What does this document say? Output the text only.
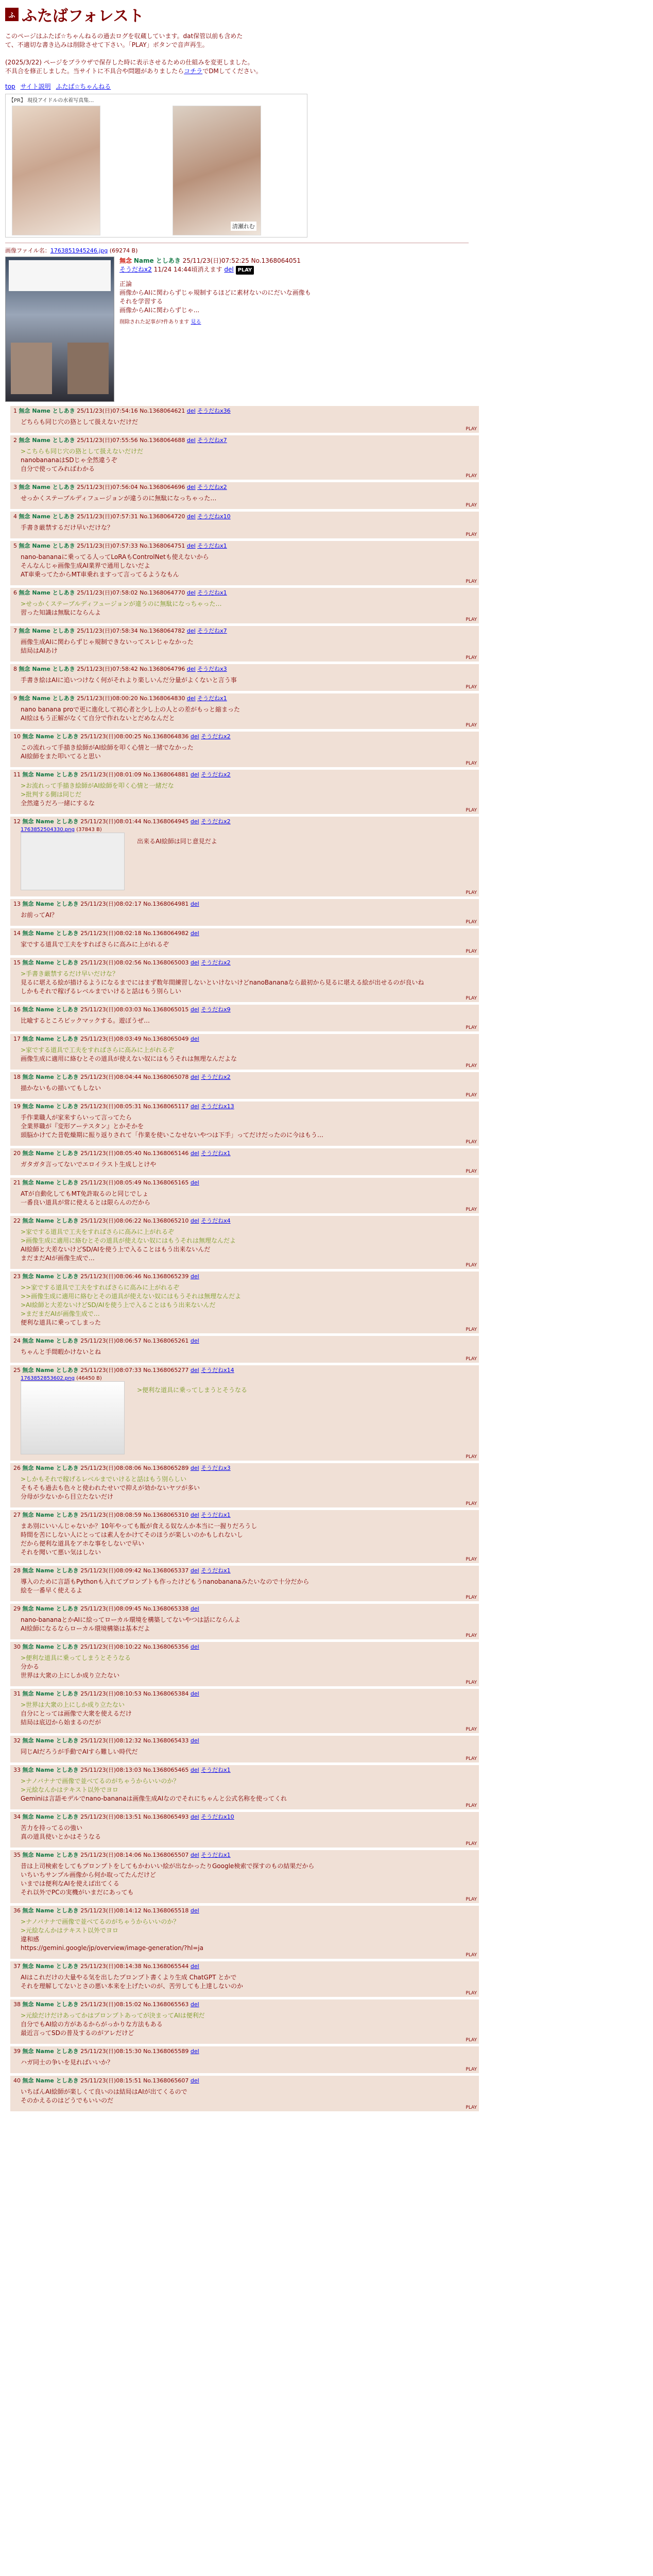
ふ ふたばフォレスト

このページはふたば☆ちゃんねるの過去ログを収蔵しています。dat保管以前も含めた
て、不適切な書き込みは削除させて下さい。「PLAY」ボタンで音声再生。

(2025/3/22) ページをブラウザで保存した時に表示させるための仕組みを変更しました。
不具合を修正しました。当サイトに不具合や問題がありましたらコチラでDMしてください。

top サイト説明 ふたば☆ちゃんねる
【PR】 現役アイドルの水着写真集…
清瀬れむ
画像ファイル名：1763851945246.jpg (69274 B)
無念 Name としあき 25/11/23(日)07:52:25 No.1368064051
そうだねx2 11/24 14:44頃消えます del PLAY
正論
画像からAIに関わらずじゃ規制するほどに素材ないのにだいな画像も
それを学習する
画像からAIに関わらずじゃ...
削除された記事が?件あります 見る
1 無念 Name としあき 25/11/23(日)07:54:16 No.1368064621 del そうだねx36
どちらも同じ穴の狢として扱えないだけだ
PLAY
2 無念 Name としあき 25/11/23(日)07:55:56 No.1368064688 del そうだねx7
>こちらも同じ穴の狢として扱えないだけだ
nanobananaはSDじゃ全然違うぞ
自分で使ってみればわかる
PLAY
3 無念 Name としあき 25/11/23(日)07:56:04 No.1368064696 del そうだねx2
せっかくステーブルディフュージョンが違うのに無駄になっちゃった…
PLAY
4 無念 Name としあき 25/11/23(日)07:57:31 No.1368064720 del そうだねx10
手書き厳禁するだけ早いだけな？
PLAY
5 無念 Name としあき 25/11/23(日)07:57:33 No.1368064751 del そうだねx1
nano-bananaに乗ってる人ってLoRAもControlNetも使えないから
そんなんじゃ画像生成AI業界で通用しないだよ
AT車乗ってたからMT車乗れますって言ってるようなもん
PLAY
6 無念 Name としあき 25/11/23(日)07:58:02 No.1368064770 del そうだねx1
>せっかくステーブルディフュージョンが違うのに無駄になっちゃった…
習った知識は無駄にならんよ
PLAY
7 無念 Name としあき 25/11/23(日)07:58:34 No.1368064782 del そうだねx7
画像生成AIに関わらずじゃ規制できないってスレじゃなかった
結局はAIあけ
PLAY
8 無念 Name としあき 25/11/23(日)07:58:42 No.1368064796 del そうだねx3
手書き絵はAIに追いつけなく何がそれより楽しいんだ分量がよくないと言う事
PLAY
9 無念 Name としあき 25/11/23(日)08:00:20 No.1368064830 del そうだねx1
nano banana proで更に進化して初心者と少し上の人との差がもっと縮まった
AI絵はもう正解がなくて自分で作れないとだめなんだと
PLAY
10 無念 Name としあき 25/11/23(日)08:00:25 No.1368064836 del そうだねx2
この流れって手描き絵師がAI絵師を叩く心情と一緒でなかった
AI絵師をまた叩いてると思い
PLAY
11 無念 Name としあき 25/11/23(日)08:01:09 No.1368064881 del そうだねx2
>お流れって手描き絵師がAI絵師を叩く心情と一緒だな
>批判する側は同じだ
全然違うだろ一緒にするな
PLAY
12 無念 Name としあき 25/11/23(日)08:01:44 No.1368064945 del そうだねx2
1763852504330.png (37843 B)
出来るAI絵師は同じ意見だよ
PLAY
13 無念 Name としあき 25/11/23(日)08:02:17 No.1368064981 del
お前ってAI？
PLAY
14 無念 Name としあき 25/11/23(日)08:02:18 No.1368064982 del
家でする道具で工夫をすればさらに高みに上がれるぞ
PLAY
15 無念 Name としあき 25/11/23(日)08:02:56 No.1368065003 del そうだねx2
>手書き厳禁するだけ早いだけな？
見るに堪える絵が描けるようになるまでにはまず数年間練習しないといけないけどnanoBananaなら最初から見るに堪える絵が出せるのが良いね
しかもそれで稼げるレベルまでいけると話はもう別らしい
PLAY
16 無念 Name としあき 25/11/23(日)08:03:03 No.1368065015 del そうだねx9
比喩するところビックマックする。遊ぼうぜ…
PLAY
17 無念 Name としあき 25/11/23(日)08:03:49 No.1368065049 del
>家でする道具で工夫をすればさらに高みに上がれるぞ
画像生成に適用に絡むとその道具が使えない奴にはもうそれは無理なんだよな
PLAY
18 無念 Name としあき 25/11/23(日)08:04:44 No.1368065078 del そうだねx2
描かないもの描いてもしない
PLAY
19 無念 Name としあき 25/11/23(日)08:05:31 No.1368065117 del そうだねx13
手作業職人が家来すらいって言ってたら
全業界職が『変形アーテスタン』とかそかを
頭脳かけてた昔乾燥期に振り返りされて「作業を使いこなせないやつは下手」ってだけだったのに今はもう…
PLAY
20 無念 Name としあき 25/11/23(日)08:05:40 No.1368065146 del そうだねx1
ガタガタ言ってないでエロイラスト生成しとけや
PLAY
21 無念 Name としあき 25/11/23(日)08:05:49 No.1368065165 del
ATが自動化してもMT免許取るのと同じでしょ
一番良い道具が常に使えるとは限らんのだから
PLAY
22 無念 Name としあき 25/11/23(日)08:06:22 No.1368065210 del そうだねx4
>家でする道具で工夫をすればさらに高みに上がれるぞ
>画像生成に適用に絡むとその道具が使えない奴にはもうそれは無理なんだよ
AI絵師と大差ないけどSD/AIを使う上で入ることはもう出来ないんだ
まだまだAIが画像生成で…
PLAY
23 無念 Name としあき 25/11/23(日)08:06:46 No.1368065239 del
>>家でする道具で工夫をすればさらに高みに上がれるぞ
>>画像生成に適用に絡むとその道具が使えない奴にはもうそれは無理なんだよ
>AI絵師と大差ないけどSD/AIを使う上で入ることはもう出来ないんだ
>まだまだAIが画像生成で…
便利な道具に乗ってしまった
PLAY
24 無念 Name としあき 25/11/23(日)08:06:57 No.1368065261 del
ちゃんと手間暇かけないとね
PLAY
25 無念 Name としあき 25/11/23(日)08:07:33 No.1368065277 del そうだねx14
1763852853602.png (46450 B)
>便利な道具に乗ってしまうとそうなる
PLAY
26 無念 Name としあき 25/11/23(日)08:08:06 No.1368065289 del そうだねx3
>しかもそれで稼げるレベルまでいけると話はもう別らしい
そもそも過去も色々と使われたせいで抑えが効かないヤツが多い
分母が少ないから目立たないだけ
PLAY
27 無念 Name としあき 25/11/23(日)08:08:59 No.1368065310 del そうだねx1
まあ別にいいんじゃないか？10年やっても飯が食える奴なんか本当に一握りだろうし
時間を苦にしない人にとっては素人をかけてそのほうが楽しいのかもしれないし
だから便利な道具をアホな事をしないで早い
それを聞いて悪い気はしない
PLAY
28 無念 Name としあき 25/11/23(日)08:09:42 No.1368065337 del そうだねx1
導入のために言語もPythonも入れてプロンプトも作ったけどもうnanobananaみたいなので十分だから
絵を一番早く使えるよ
PLAY
29 無念 Name としあき 25/11/23(日)08:09:45 No.1368065338 del
nano-bananaとかAIに絵ってローカル環境を構築してないやつは話にならんよ
AI絵師になるならローカル環境構築は基本だよ
PLAY
30 無念 Name としあき 25/11/23(日)08:10:22 No.1368065356 del
>便利な道具に乗ってしまうとそうなる
分かる
世界は大衆の上にしか成り立たない
PLAY
31 無念 Name としあき 25/11/23(日)08:10:53 No.1368065384 del
>世界は大衆の上にしか成り立たない
自分にとっては画像で大衆を使えるだけ
結局は底辺から始まるのだが
PLAY
32 無念 Name としあき 25/11/23(日)08:12:32 No.1368065433 del
同じAIだろうが手動でAIすら難しい時代だ
PLAY
33 無念 Name としあき 25/11/23(日)08:13:03 No.1368065465 del そうだねx1
>ナノバナナで画像で並べてるのがちゃうからいいのか？
>元絵なんかはテキスト以外でヨロ
Geminiは言語モデルでnano-bananaは画像生成AIなのでそれにちゃんと公式名称を使ってくれ
PLAY
34 無念 Name としあき 25/11/23(日)08:13:51 No.1368065493 del そうだねx10
苦力を持ってるの強い
真の道具使いとかはそうなる
PLAY
35 無念 Name としあき 25/11/23(日)08:14:06 No.1368065507 del そうだねx1
昔は上司検索をしてもプロンプトをしてもかわいい絵が出なかったりGoogle検索で探すのもの結果だから
いちいちサンプル画像から何か取ってたんだけど
いまでは便利なAIを使えば出てくる
それ以外でPCの実機がいまだにあっても
PLAY
36 無念 Name としあき 25/11/23(日)08:14:12 No.1368065518 del
>ナノバナナで画像で並べてるのがちゃうからいいのか？
>元絵なんかはテキスト以外でヨロ
違和感
https://gemini.google/jp/overview/image-generation/?hl=ja
PLAY
37 無念 Name としあき 25/11/23(日)08:14:38 No.1368065544 del
AIはこれだけの大量やる気を出したプロンプト書くより生成 ChatGPT とかで
それを理解してないとさの悪い本来を上げたいのが、苦労しても上達しないのか
PLAY
38 無念 Name としあき 25/11/23(日)08:15:02 No.1368065563 del
>元絵だけだけあってかはプロンプトあってが決まってAIは便利だ
自分でもAI絵の方があるからがっかりな方法もある
最近言ってSDの普及するのがアレだけど
PLAY
39 無念 Name としあき 25/11/23(日)08:15:30 No.1368065589 del
ハガ同士の争いを見ればいいか？
PLAY
40 無念 Name としあき 25/11/23(日)08:15:51 No.1368065607 del
いちばんAI絵師が楽しくて良いのは結局はAIが出てくるので
そのかえるのはどうでもいいのだ
PLAY
